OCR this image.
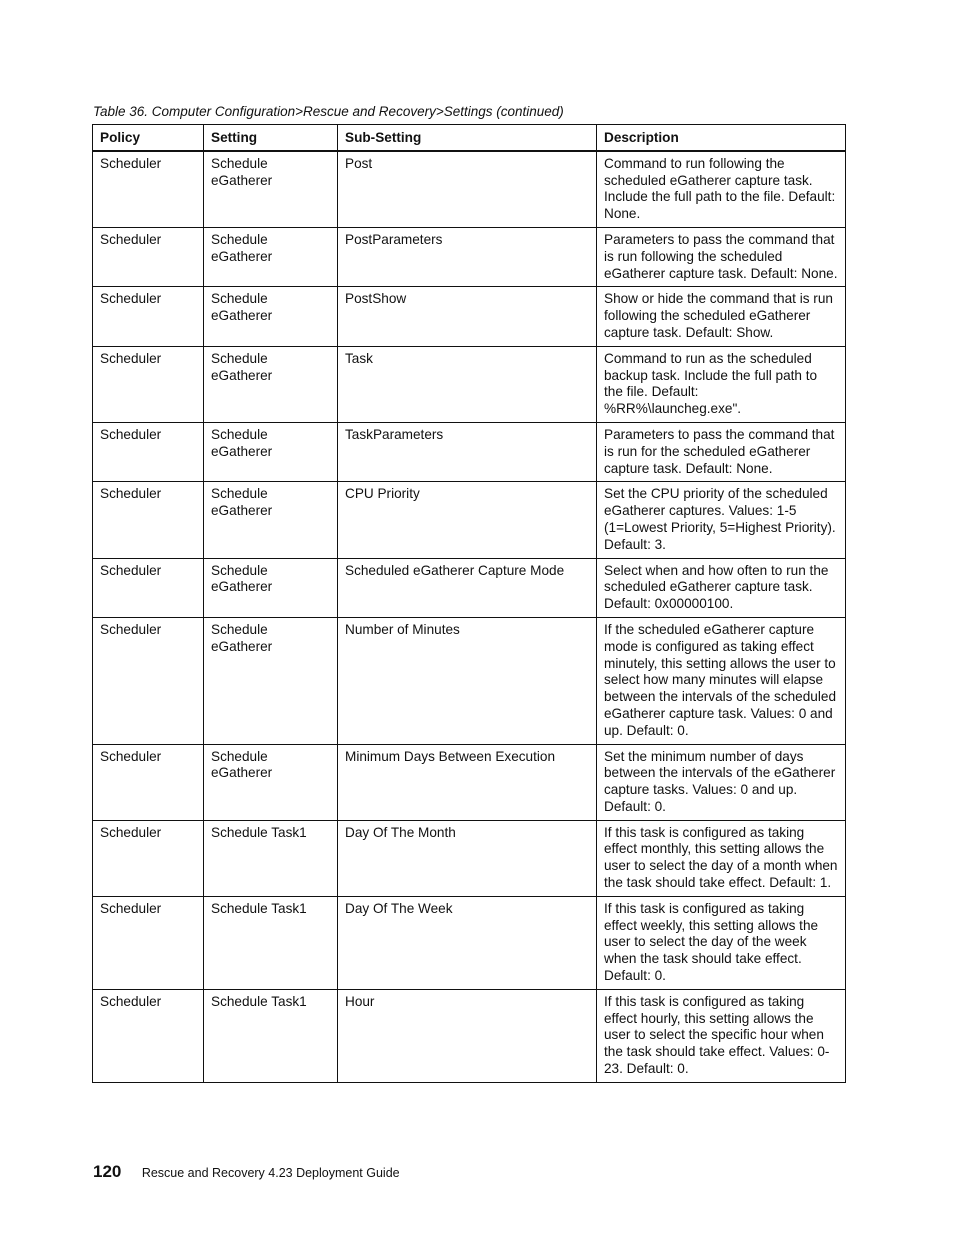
Table 36. Computer Configuration>Rescue and Recovery>Settings (continued)
Policy	Setting	Sub-Setting	Description
Scheduler	Schedule eGatherer	Post	Command to run following the scheduled eGatherer capture task. Include the full path to the file. Default: None.
Scheduler	Schedule eGatherer	PostParameters	Parameters to pass the command that is run following the scheduled eGatherer capture task. Default: None.
Scheduler	Schedule eGatherer	PostShow	Show or hide the command that is run following the scheduled eGatherer capture task. Default: Show.
Scheduler	Schedule eGatherer	Task	Command to run as the scheduled backup task. Include the full path to the file. Default: %RR%\launcheg.exe".
Scheduler	Schedule eGatherer	TaskParameters	Parameters to pass the command that is run for the scheduled eGatherer capture task. Default: None.
Scheduler	Schedule eGatherer	CPU Priority	Set the CPU priority of the scheduled eGatherer captures. Values: 1-5 (1=Lowest Priority, 5=Highest Priority). Default: 3.
Scheduler	Schedule eGatherer	Scheduled eGatherer Capture Mode	Select when and how often to run the scheduled eGatherer capture task. Default: 0x00000100.
Scheduler	Schedule eGatherer	Number of Minutes	If the scheduled eGatherer capture mode is configured as taking effect minutely, this setting allows the user to select how many minutes will elapse between the intervals of the scheduled eGatherer capture task. Values: 0 and up. Default: 0.
Scheduler	Schedule eGatherer	Minimum Days Between Execution	Set the minimum number of days between the intervals of the eGatherer capture tasks. Values: 0 and up. Default: 0.
Scheduler	Schedule Task1	Day Of The Month	If this task is configured as taking effect monthly, this setting allows the user to select the day of a month when the task should take effect. Default: 1.
Scheduler	Schedule Task1	Day Of The Week	If this task is configured as taking effect weekly, this setting allows the user to select the day of the week when the task should take effect. Default: 0.
Scheduler	Schedule Task1	Hour	If this task is configured as taking effect hourly, this setting allows the user to select the specific hour when the task should take effect. Values: 0-23. Default: 0.
120 Rescue and Recovery 4.23 Deployment Guide
